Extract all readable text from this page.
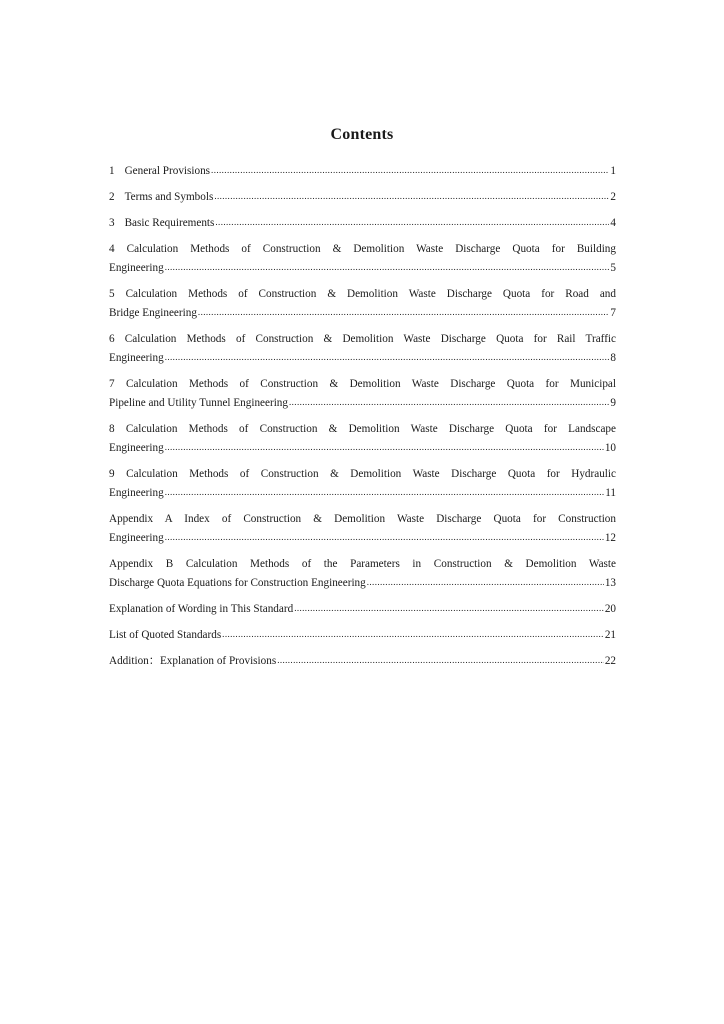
Contents
1 General Provisions .....	1
2 Terms and Symbols .....	2
3 Basic Requirements .....	4
4 Calculation Methods of Construction & Demolition Waste Discharge Quota for Building
Engineering .....	5
5 Calculation Methods of Construction & Demolition Waste Discharge Quota for Road and
Bridge Engineering .....	7
6 Calculation Methods of Construction & Demolition Waste Discharge Quota for Rail Traffic
Engineering .....	8
7 Calculation Methods of Construction & Demolition Waste Discharge Quota for Municipal
Pipeline and Utility Tunnel Engineering .....	9
8 Calculation Methods of Construction & Demolition Waste Discharge Quota for Landscape
Engineering .....	10
9 Calculation Methods of Construction & Demolition Waste Discharge Quota for Hydraulic
Engineering .....	11
Appendix A Index of Construction & Demolition Waste Discharge Quota for Construction
Engineering .....	12
Appendix B Calculation Methods of the Parameters in Construction & Demolition Waste
Discharge Quota Equations for Construction Engineering .....	13
Explanation of Wording in This Standard .....	20
List of Quoted Standards .....	21
Addition：Explanation of Provisions .....	22
